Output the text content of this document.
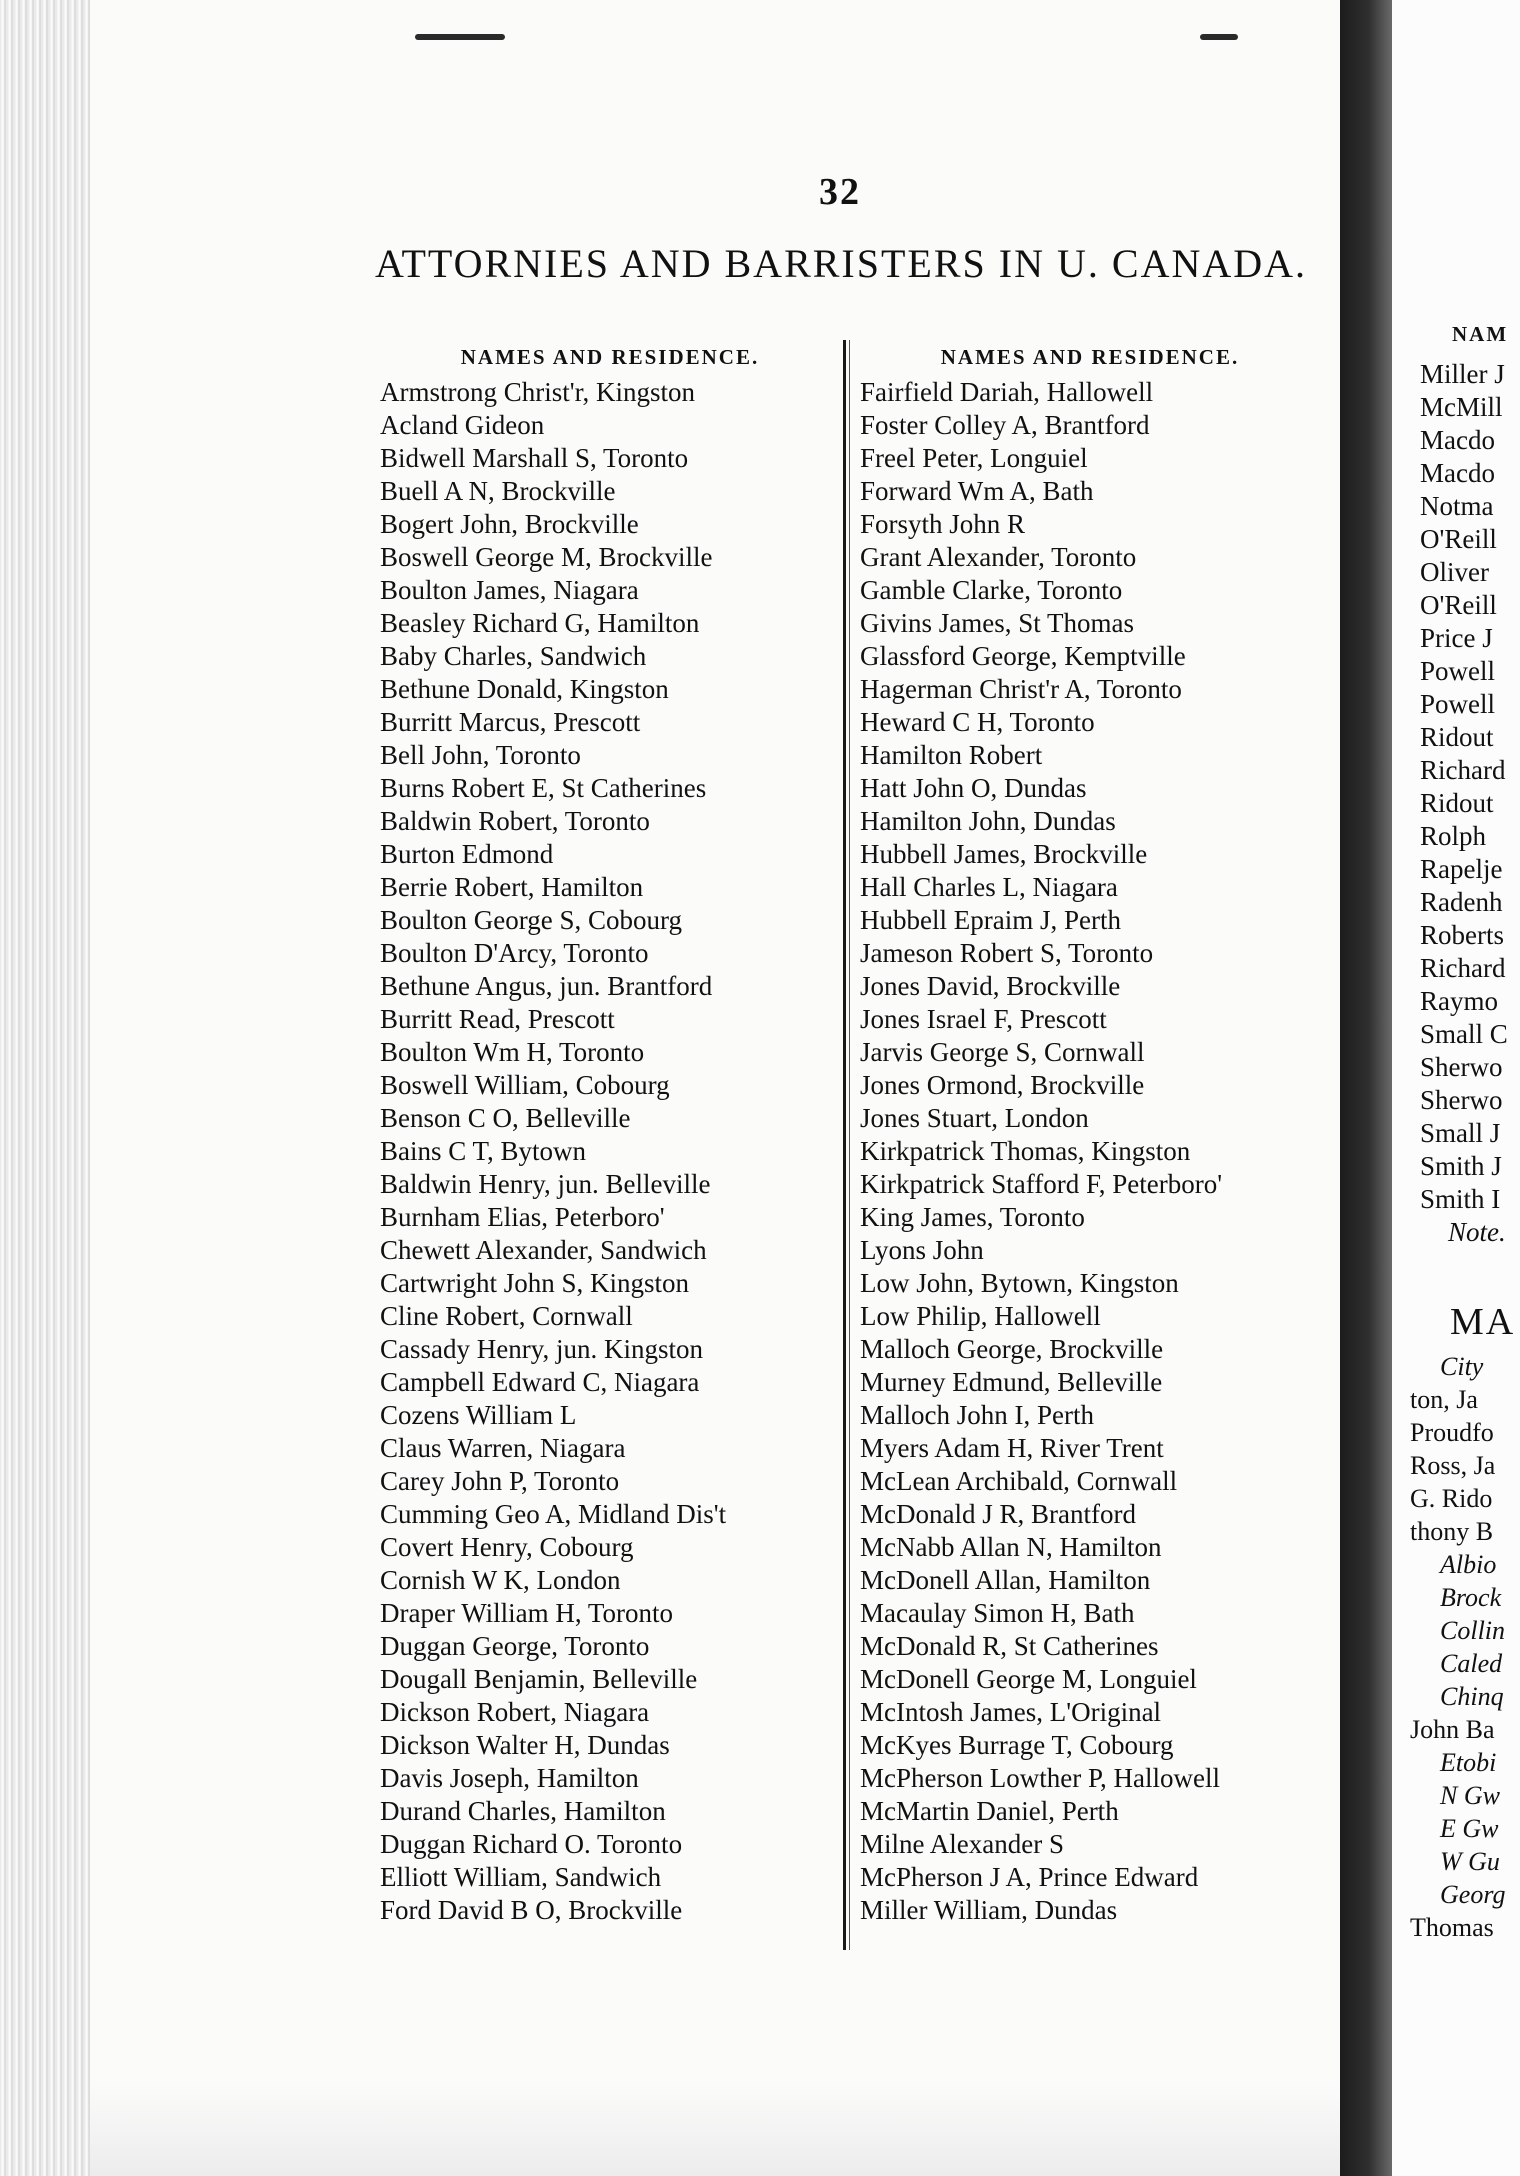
32
ATTORNIES AND BARRISTERS IN U. CANADA.
NAMES AND RESIDENCE.
Armstrong Christ'r, Kingston
Acland Gideon
Bidwell Marshall S, Toronto
Buell A N, Brockville
Bogert John, Brockville
Boswell George M, Brockville
Boulton James, Niagara
Beasley Richard G, Hamilton
Baby Charles, Sandwich
Bethune Donald, Kingston
Burritt Marcus, Prescott
Bell John, Toronto
Burns Robert E, St Catherines
Baldwin Robert, Toronto
Burton Edmond
Berrie Robert, Hamilton
Boulton George S, Cobourg
Boulton D'Arcy, Toronto
Bethune Angus, jun. Brantford
Burritt Read, Prescott
Boulton Wm H, Toronto
Boswell William, Cobourg
Benson C O, Belleville
Bains C T, Bytown
Baldwin Henry, jun. Belleville
Burnham Elias, Peterboro'
Chewett Alexander, Sandwich
Cartwright John S, Kingston
Cline Robert, Cornwall
Cassady Henry, jun. Kingston
Campbell Edward C, Niagara
Cozens William L
Claus Warren, Niagara
Carey John P, Toronto
Cumming Geo A, Midland Dis't
Covert Henry, Cobourg
Cornish W K, London
Draper William H, Toronto
Duggan George, Toronto
Dougall Benjamin, Belleville
Dickson Robert, Niagara
Dickson Walter H, Dundas
Davis Joseph, Hamilton
Durand Charles, Hamilton
Duggan Richard O. Toronto
Elliott William, Sandwich
Ford David B O, Brockville
NAMES AND RESIDENCE.
Fairfield Dariah, Hallowell
Foster Colley A, Brantford
Freel Peter, Longuiel
Forward Wm A, Bath
Forsyth John R
Grant Alexander, Toronto
Gamble Clarke, Toronto
Givins James, St Thomas
Glassford George, Kemptville
Hagerman Christ'r A, Toronto
Heward C H, Toronto
Hamilton Robert
Hatt John O, Dundas
Hamilton John, Dundas
Hubbell James, Brockville
Hall Charles L, Niagara
Hubbell Epraim J, Perth
Jameson Robert S, Toronto
Jones David, Brockville
Jones Israel F, Prescott
Jarvis George S, Cornwall
Jones Ormond, Brockville
Jones Stuart, London
Kirkpatrick Thomas, Kingston
Kirkpatrick Stafford F, Peterboro'
King James, Toronto
Lyons John
Low John, Bytown, Kingston
Low Philip, Hallowell
Malloch George, Brockville
Murney Edmund, Belleville
Malloch John I, Perth
Myers Adam H, River Trent
McLean Archibald, Cornwall
McDonald J R, Brantford
McNabb Allan N, Hamilton
McDonell Allan, Hamilton
Macaulay Simon H, Bath
McDonald R, St Catherines
McDonell George M, Longuiel
McIntosh James, L'Original
McKyes Burrage T, Cobourg
McPherson Lowther P, Hallowell
McMartin Daniel, Perth
Milne Alexander S
McPherson J A, Prince Edward
Miller William, Dundas
NAM
Miller J
McMill
Macdo
Macdo
Notma
O'Reill
Oliver
O'Reill
Price J
Powell
Powell
Ridout
Richard
Ridout
Rolph
Rapelje
Radenh
Roberts
Richard
Raymo
Small C
Sherwo
Sherwo
Small J
Smith J
Smith I
Note.
MA
City
ton, Ja
Proudfo
Ross, Ja
G. Rido
thony B
Albio
Brock
Collin
Caled
Chinq
John Ba
Etobi
N Gw
E Gw
W Gu
Georg
Thomas
